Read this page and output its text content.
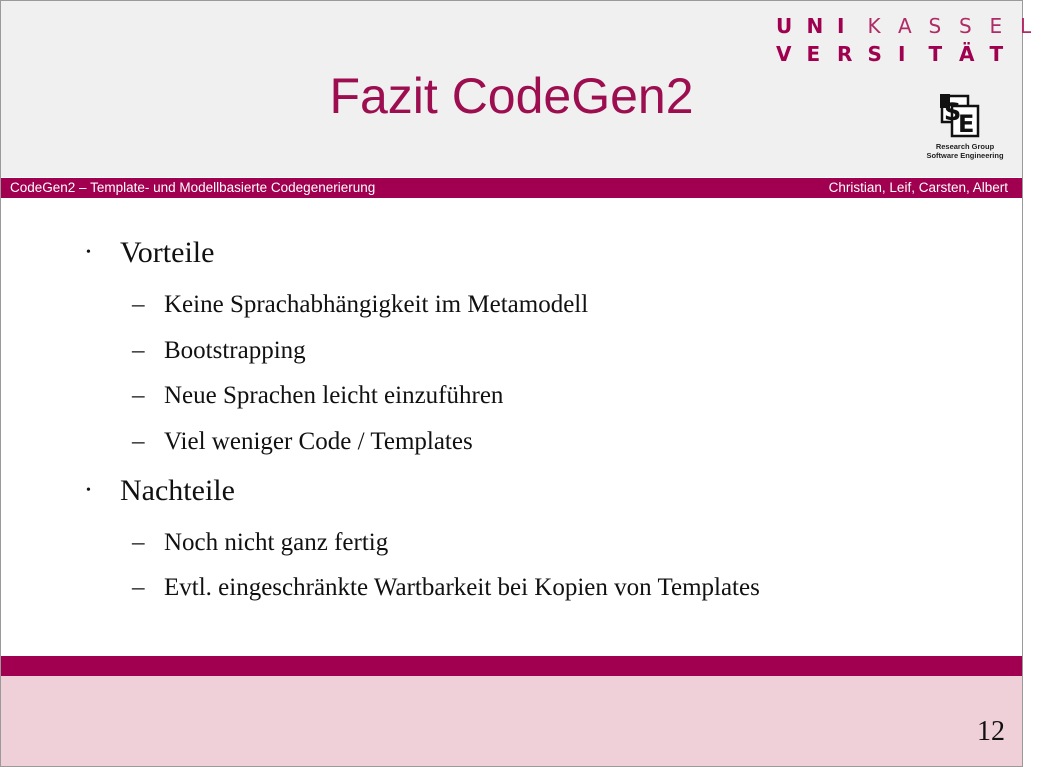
Fazit CodeGen2
U N I K A S S E L
V E R S I T Ä T
S
E
Research Group
Software Engineering
CodeGen2 – Template- und Modellbasierte Codegenerierung	Christian, Leif, Carsten, Albert
• Vorteile
– Keine Sprachabhängigkeit im Metamodell
– Bootstrapping
– Neue Sprachen leicht einzuführen
– Viel weniger Code / Templates
• Nachteile
– Noch nicht ganz fertig
– Evtl. eingeschränkte Wartbarkeit bei Kopien von Templates
12
